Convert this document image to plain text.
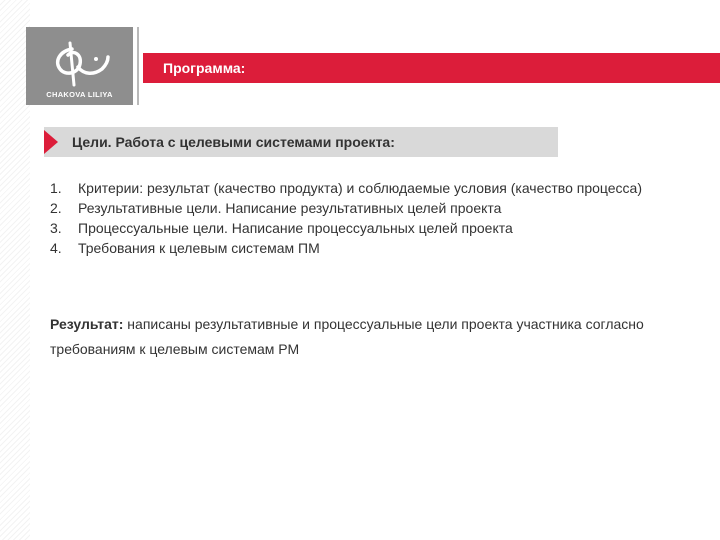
CHAKOVA LILIYA
Программа:
Цели. Работа с целевыми системами проекта:
1. Критерии: результат (качество продукта) и соблюдаемые условия (качество процесса)
2. Результативные цели. Написание результативных целей проекта
3. Процессуальные цели. Написание процессуальных целей проекта
4. Требования к целевым системам ПМ
Результат: написаны результативные и процессуальные цели проекта участника согласно требованиям к целевым системам РМ
